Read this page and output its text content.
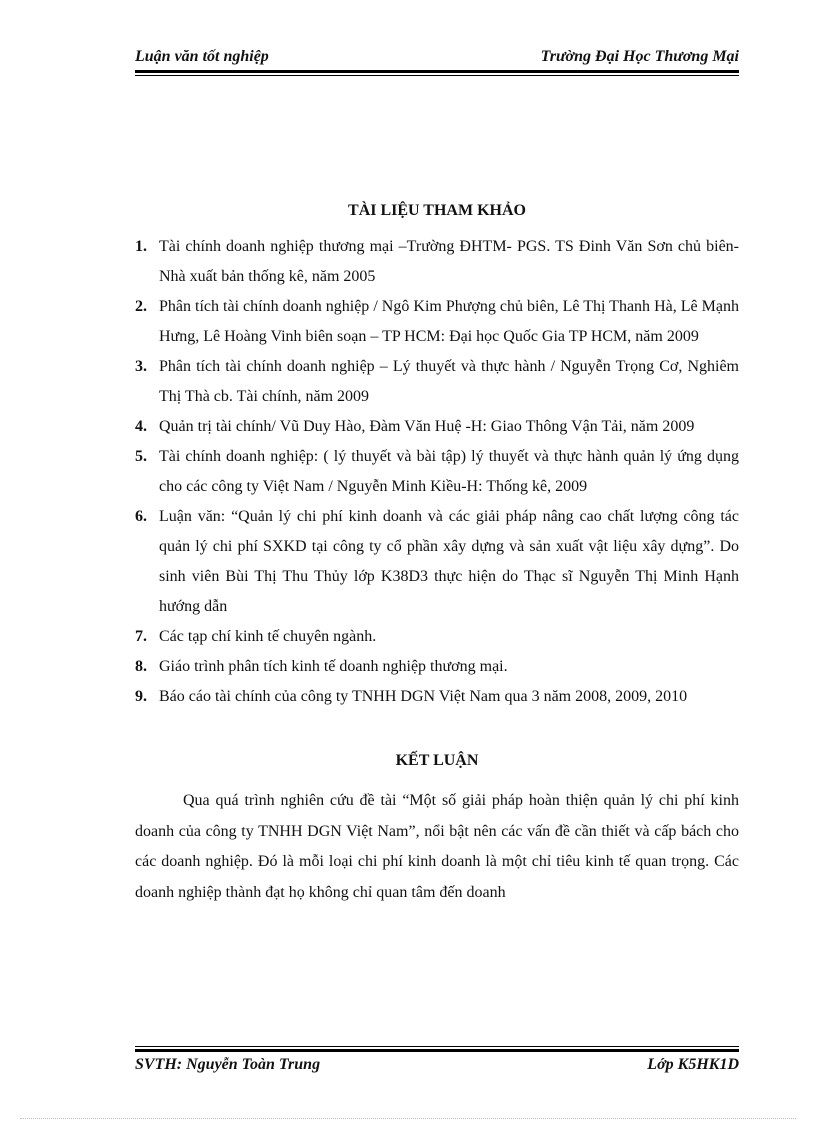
Luận văn tốt nghiệp	Trường Đại Học Thương Mại
TÀI LIỆU THAM KHẢO
1. Tài chính doanh nghiệp thương mại –Trường ĐHTM- PGS. TS Đinh Văn Sơn chủ biên- Nhà xuất bản thống kê, năm 2005
2. Phân tích tài chính doanh nghiệp / Ngô Kim Phượng chủ biên, Lê Thị Thanh Hà, Lê Mạnh Hưng, Lê Hoàng Vinh biên soạn – TP HCM: Đại học Quốc Gia TP HCM, năm 2009
3. Phân tích tài chính doanh nghiệp – Lý thuyết và thực hành / Nguyễn Trọng Cơ, Nghiêm Thị Thà cb. Tài chính, năm 2009
4. Quản trị tài chính/ Vũ Duy Hào, Đàm Văn Huệ -H: Giao Thông Vận Tải, năm 2009
5. Tài chính doanh nghiệp: ( lý thuyết và bài tập) lý thuyết và thực hành quản lý ứng dụng cho các công ty Việt Nam / Nguyễn Minh Kiều-H: Thống kê, 2009
6. Luận văn: “Quản lý chi phí kinh doanh và các giải pháp nâng cao chất lượng công tác quản lý chi phí SXKD tại công ty cổ phần xây dựng và sản xuất vật liệu xây dựng”. Do sinh viên Bùi Thị Thu Thủy lớp K38D3 thực hiện do Thạc sĩ Nguyễn Thị Minh Hạnh hướng dẫn
7. Các tạp chí kinh tế chuyên ngành.
8. Giáo trình phân tích kinh tế doanh nghiệp thương mại.
9. Báo cáo tài chính của công ty TNHH DGN Việt Nam qua 3 năm 2008, 2009, 2010
KẾT LUẬN

Qua quá trình nghiên cứu đề tài “Một số giải pháp hoàn thiện quản lý chi phí kinh doanh của công ty TNHH DGN Việt Nam”, nổi bật nên các vấn đề cần thiết và cấp bách cho các doanh nghiệp. Đó là mỗi loại chi phí kinh doanh là một chỉ tiêu kinh tế quan trọng. Các doanh nghiệp thành đạt họ không chỉ quan tâm đến doanh

SVTH: Nguyễn Toàn Trung	Lớp K5HK1D
